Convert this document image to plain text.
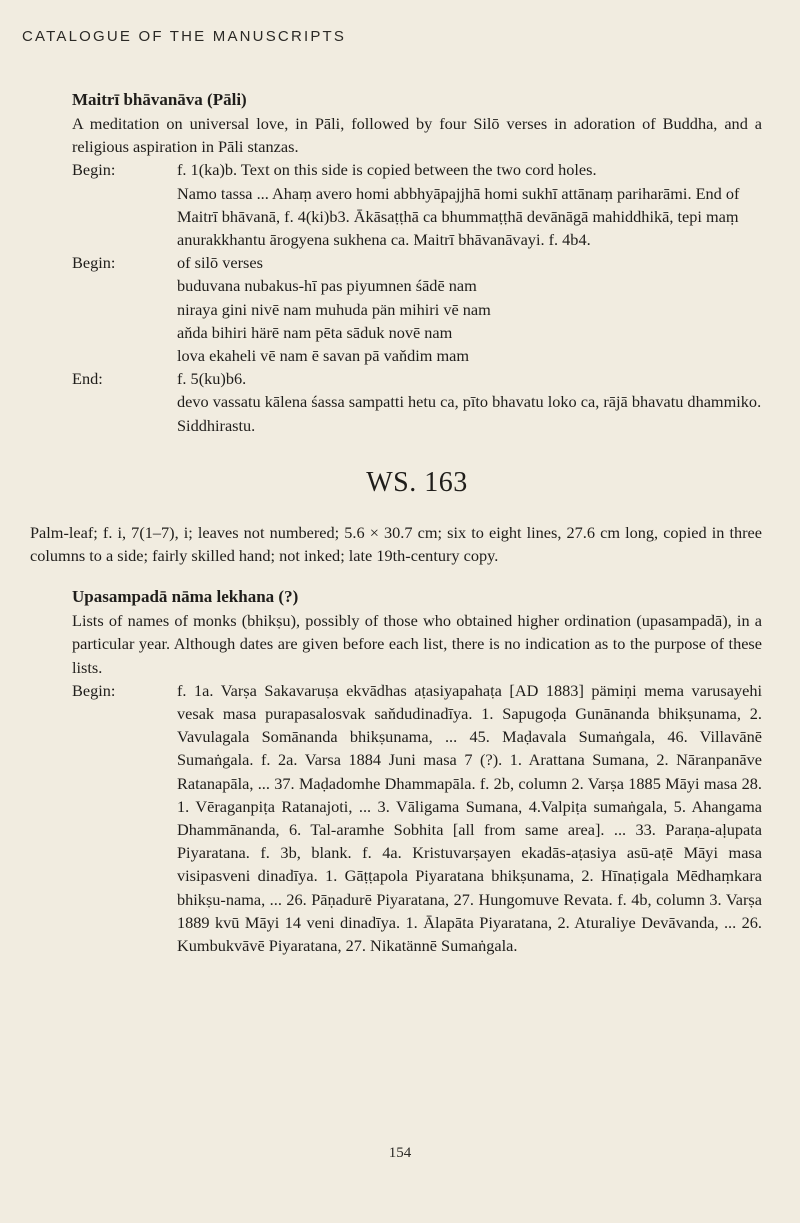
CATALOGUE OF THE MANUSCRIPTS
Maitrī bhāvanāva (Pāli)

A meditation on universal love, in Pāli, followed by four Silō verses in adoration of Buddha, and a religious aspiration in Pāli stanzas.

Begin:	f. 1(ka)b. Text on this side is copied between the two cord holes.
Namo tassa ... Ahaṃ avero homi abbhyāpajjhā homi sukhī attānaṃ pariharāmi. End of Maitrī bhāvanā, f. 4(ki)b3. Ākāsaṭṭhā ca bhummaṭṭhā devānāgā mahiddhikā, tepi maṃ anurakkhantu ārogyena sukhena ca. Maitrī bhāvanāvayi. f. 4b4.
Begin:	of silō verses
buduvana nubakus-hī pas piyumnen śādē nam
niraya gini nivē nam muhuda pän mihiri vē nam
aňda bihiri härē nam pēta sāduk novē nam
lova ekaheli vē nam ē savan pā vaňdim mam
End:	f. 5(ku)b6.
devo vassatu kālena śassa sampatti hetu ca, pīto bhavatu loko ca, rājā bhavatu dhammiko. Siddhirastu.
WS. 163

Palm-leaf; f. i, 7(1–7), i; leaves not numbered; 5.6 × 30.7 cm; six to eight lines, 27.6 cm long, copied in three columns to a side; fairly skilled hand; not inked; late 19th-century copy.

Upasampadā nāma lekhana (?)

Lists of names of monks (bhikṣu), possibly of those who obtained higher ordination (upasampadā), in a particular year. Although dates are given before each list, there is no indication as to the purpose of these lists.

Begin:	f. 1a. Varṣa Sakavaruṣa ekvādhas aṭasiyapahaṭa [AD 1883] pämiṇi mema varusayehi vesak masa purapasalosvak saňdudinadīya. 1. Sapugoḍa Gunānanda bhikṣunama, 2. Vavulagala Somānanda bhikṣunama, ... 45. Maḍavala Sumaṅgala, 46. Villavānē Sumaṅgala. f. 2a. Varsa 1884 Juni masa 7 (?). 1. Arattana Sumana, 2. Nāranpanāve Ratanapāla, ... 37. Maḍadomhe Dhammapāla. f. 2b, column 2. Varṣa 1885 Māyi masa 28. 1. Vēraganpiṭa Ratanajoti, ... 3. Vāligama Sumana, 4.Valpiṭa sumaṅgala, 5. Ahangama Dhammānanda, 6. Tal-aramhe Sobhita [all from same area]. ... 33. Paraṇa-aḷupata Piyaratana. f. 3b, blank. f. 4a. Kristuvarṣayen ekadās-aṭasiya asū-aṭē Māyi masa visipasveni dinadīya. 1. Gāṭṭapola Piyaratana bhikṣunama, 2. Hīnaṭigala Mēdhaṃkara bhikṣu-nama, ... 26. Pāṇadurē Piyaratana, 27. Hungomuve Revata. f. 4b, column 3. Varṣa 1889 kvū Māyi 14 veni dinadīya. 1. Ālapāta Piyaratana, 2. Aturaliye Devāvanda, ... 26. Kumbukvāvē Piyaratana, 27. Nikatännē Sumaṅgala.
154
